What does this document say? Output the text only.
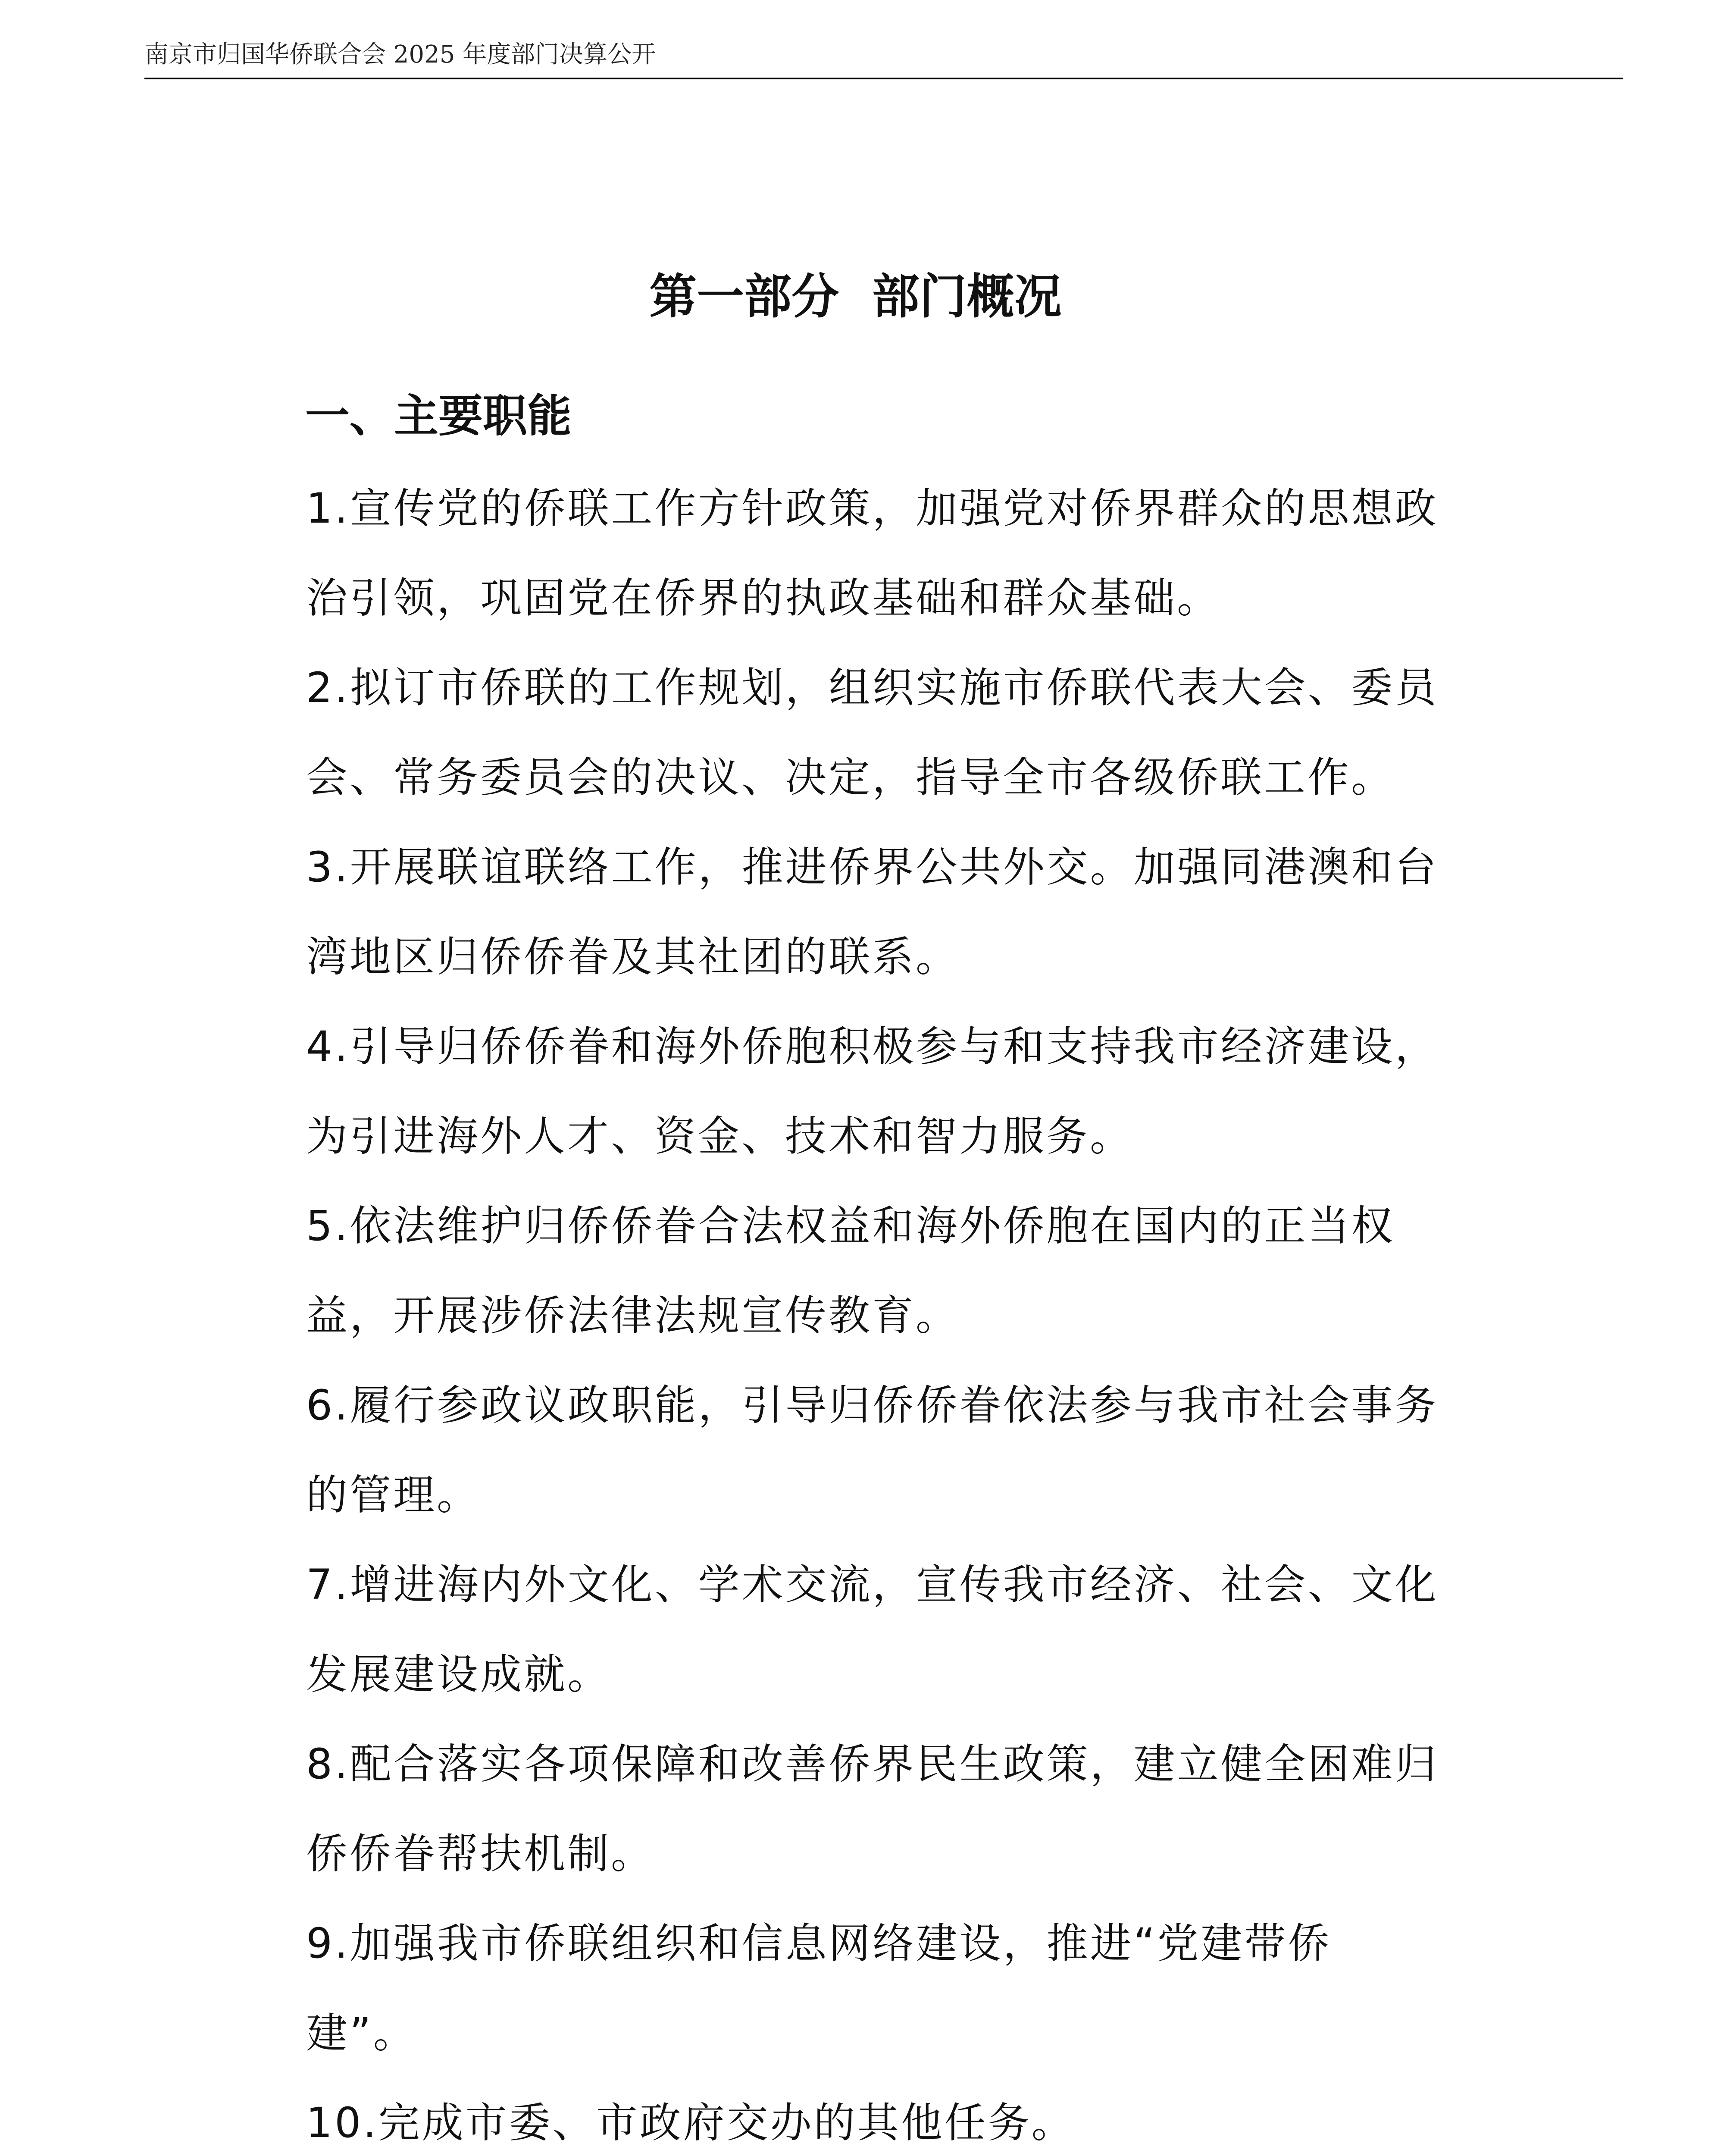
南京市归国华侨联合会 2025 年度部门决算公开
第一部分  部门概况
一、主要职能
1.宣传党的侨联工作方针政策，加强党对侨界群众的思想政
治引领，巩固党在侨界的执政基础和群众基础。
2.拟订市侨联的工作规划，组织实施市侨联代表大会、委员
会、常务委员会的决议、决定，指导全市各级侨联工作。
3.开展联谊联络工作，推进侨界公共外交。加强同港澳和台
湾地区归侨侨眷及其社团的联系。
4.引导归侨侨眷和海外侨胞积极参与和支持我市经济建设，
为引进海外人才、资金、技术和智力服务。
5.依法维护归侨侨眷合法权益和海外侨胞在国内的正当权
益，开展涉侨法律法规宣传教育。
6.履行参政议政职能，引导归侨侨眷依法参与我市社会事务
的管理。
7.增进海内外文化、学术交流，宣传我市经济、社会、文化
发展建设成就。
8.配合落实各项保障和改善侨界民生政策，建立健全困难归
侨侨眷帮扶机制。
9.加强我市侨联组织和信息网络建设，推进“党建带侨
建”。
10.完成市委、市政府交办的其他任务。
